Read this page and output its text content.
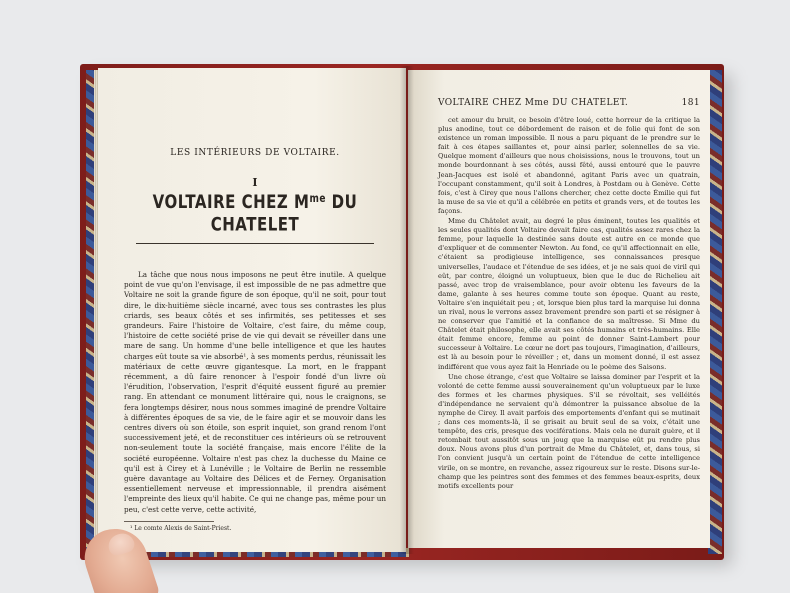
LES INTÉRIEURS DE VOLTAIRE.
I
VOLTAIRE CHEZ $M^{me}$ DU CHATELET

La tâche que nous nous imposons ne peut être inutile. A quelque point de vue qu'on l'envisage, il est impossible de ne pas admettre que Voltaire ne soit la grande figure de son époque, qu'il ne soit, pour tout dire, le dix-huitième siècle incarné, avec tous ses contrastes les plus criards, ses beaux côtés et ses infirmités, ses petitesses et ses grandeurs. Faire l'histoire de Voltaire, c'est faire, du même coup, l'histoire de cette société prise de vie qui devait se réveiller dans une mare de sang. Un homme d'une belle intelligence et que les hautes charges eût toute sa vie absorbé¹, à ses moments perdus, réunissait les matériaux de cette œuvre gigantesque. La mort, en le frappant récemment, a dû faire renoncer à l'espoir fondé d'un livre où l'érudition, l'observation, l'esprit d'équité eussent figuré au premier rang. En attendant ce monument littéraire qui, nous le craignons, se fera longtemps désirer, nous nous sommes imaginé de prendre Voltaire à différentes époques de sa vie, de le faire agir et se mouvoir dans les centres divers où son étoile, son esprit inquiet, son grand renom l'ont successivement jeté, et de reconstituer ces intérieurs où se retrouvent non-seulement toute la société française, mais encore l'élite de la société européenne. Voltaire n'est pas chez la duchesse du Maine ce qu'il est à Cirey et à Lunéville ; le Voltaire de Berlin ne ressemble guère davantage au Voltaire des Délices et de Ferney. Organisation essentiellement nerveuse et impressionnable, il prendra aisément l'empreinte des lieux qu'il habite. Ce qui ne change pas, même pour un peu, c'est cette verve, cette activité,

¹ Le comte Alexis de Saint-Priest.

VOLTAIRE CHEZ Mme DU CHATELET.	181

cet amour du bruit, ce besoin d'être loué, cette horreur de la critique la plus anodine, tout ce débordement de raison et de folie qui font de son existence un roman impossible. Il nous a paru piquant de le prendre sur le fait à ces étapes saillantes et, pour ainsi parler, solennelles de sa vie. Quelque moment d'ailleurs que nous choisissions, nous le trouvons, tout un monde bourdonnant à ses côtés, aussi fêté, aussi entouré que le pauvre Jean-Jacques est isolé et abandonné, agitant Paris avec un quatrain, l'occupant constamment, qu'il soit à Londres, à Postdam ou à Genève. Cette fois, c'est à Cirey que nous l'allons chercher, chez cette docte Émilie qui fut la muse de sa vie et qu'il a célébrée en petits et grands vers, et de toutes les façons.

Mme du Châtelet avait, au degré le plus éminent, toutes les qualités et les seules qualités dont Voltaire devait faire cas, qualités assez rares chez la femme, pour laquelle la destinée sans doute est autre en ce monde que d'expliquer et de commenter Newton. Au fond, ce qu'il affectionnait en elle, c'étaient sa prodigieuse intelligence, ses connaissances presque universelles, l'audace et l'étendue de ses idées, et je ne sais quoi de viril qui eût, par contre, éloigné un voluptueux, bien que le duc de Richelieu ait passé, avec trop de vraisemblance, pour avoir obtenu les faveurs de la dame, galante à ses heures comme toute son époque. Quant au reste, Voltaire s'en inquiétait peu ; et, lorsque bien plus tard la marquise lui donna un rival, nous le verrons assez bravement prendre son parti et se résigner à ne conserver que l'amitié et la confiance de sa maîtresse. Si Mme du Châtelet était philosophe, elle avait ses côtés humains et très-humains. Elle était femme encore, femme au point de donner Saint-Lambert pour successeur à Voltaire. Le cœur ne dort pas toujours, l'imagination, d'ailleurs, est là au besoin pour le réveiller ; et, dans un moment donné, il est assez indifférent que vous ayez fait la Henriade ou le poème des Saisons.

Une chose étrange, c'est que Voltaire se laissa dominer par l'esprit et la volonté de cette femme aussi souverainement qu'un voluptueux par le luxe des formes et les charmes physiques. S'il se révoltait, ses velléités d'indépendance ne servaient qu'à démontrer la puissance absolue de la nymphe de Cirey. Il avait parfois des emportements d'enfant qui se mutinait ; dans ces moments-là, il se grisait au bruit seul de sa voix, c'était une tempête, des cris, presque des vociférations. Mais cela ne durait guère, et il retombait tout aussitôt sous un joug que la marquise eût pu rendre plus doux. Nous avons plus d'un portrait de Mme du Châtelet, et, dans tous, si l'on convient jusqu'à un certain point de l'étendue de cette intelligence virile, on se montre, en revanche, assez rigoureux sur le reste. Disons sur-le-champ que les peintres sont des femmes et des femmes beaux-esprits, deux motifs excellents pour
